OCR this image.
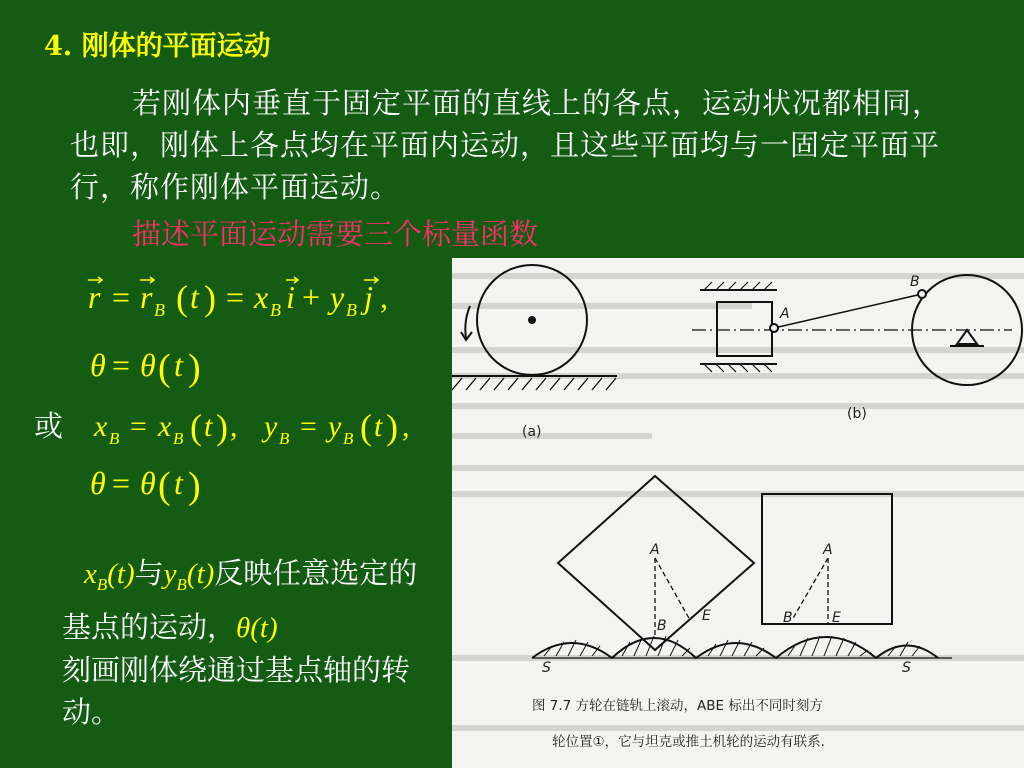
4. 刚体的平面运动
若刚体内垂直于固定平面的直线上的各点，运动状况都相同，也即，刚体上各点均在平面内运动，且这些平面均与一固定平面平行，称作刚体平面运动。
描述平面运动需要三个标量函数
r = r B ( t ) = x B i + y B j ,
θ = θ ( t )
或 x B = x B ( t ) , y B = y B ( t ) ,
θ = θ ( t )
$x_B(t)$与$y_B(t)$反映任意选定的基点的运动，θ(t)
刻画刚体绕通过基点轴的转动。
(a)
A
B
(b)
A
B
E
A
B	E
S	S
图 7.7 方轮在链轨上滚动，ABE 标出不同时刻方
轮位置①，它与坦克或推土机轮的运动有联系.
